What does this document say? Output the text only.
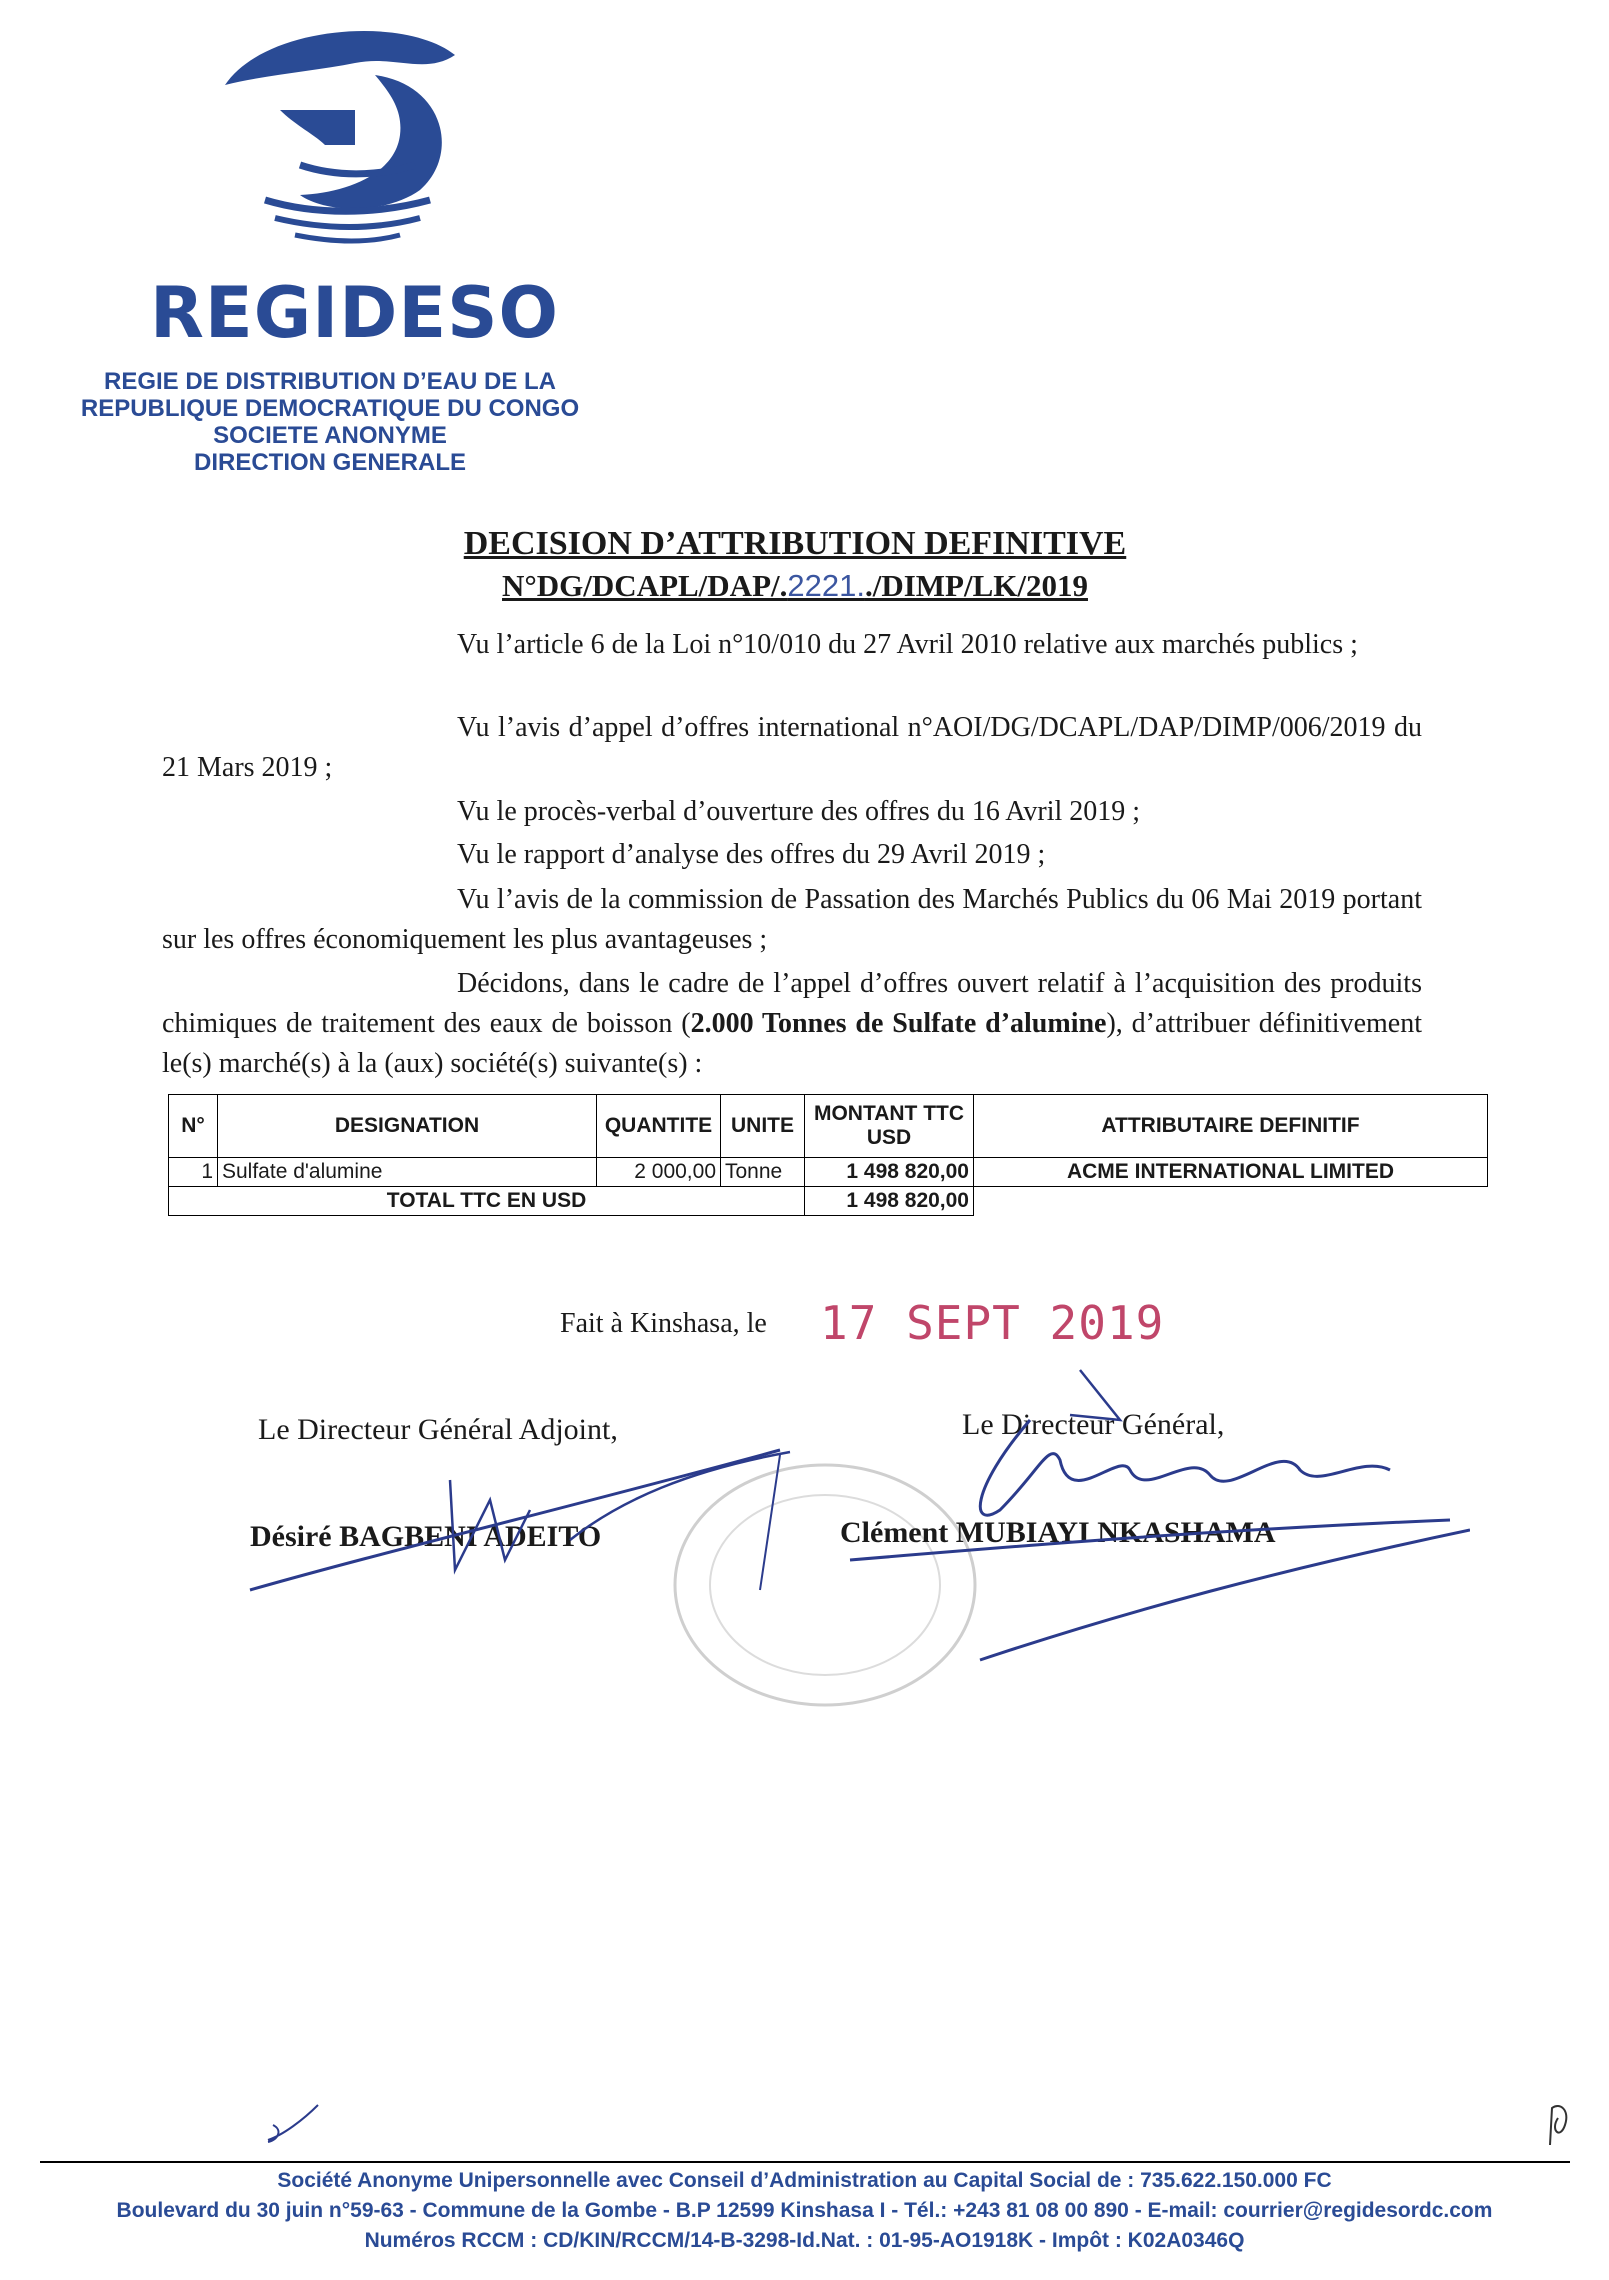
REGIDESO
REGIE DE DISTRIBUTION D’EAU DE LA
REPUBLIQUE DEMOCRATIQUE DU CONGO
SOCIETE ANONYME
DIRECTION GENERALE
DECISION D’ATTRIBUTION DEFINITIVE
N°DG/DCAPL/DAP/.2221../DIMP/LK/2019
Vu l’article 6 de la Loi n°10/010 du 27 Avril 2010 relative aux marchés publics ;
Vu l’avis d’appel d’offres international n°AOI/DG/DCAPL/DAP/DIMP/006/2019 du 21 Mars 2019 ;
Vu le procès-verbal d’ouverture des offres du 16 Avril 2019 ;
Vu le rapport d’analyse des offres du 29 Avril 2019 ;
Vu l’avis de la commission de Passation des Marchés Publics du 06 Mai 2019 portant sur les offres économiquement les plus avantageuses ;
Décidons, dans le cadre de l’appel d’offres ouvert relatif à l’acquisition des produits chimiques de traitement des eaux de boisson (2.000 Tonnes de Sulfate d’alumine), d’attribuer définitivement le(s) marché(s) à la (aux) société(s) suivante(s) :
N°	DESIGNATION	QUANTITE	UNITE	MONTANT TTC USD	ATTRIBUTAIRE DEFINITIF
1	Sulfate d'alumine	2 000,00	Tonne	1 498 820,00	ACME INTERNATIONAL LIMITED
TOTAL TTC EN USD				1 498 820,00	
Fait à Kinshasa, le 17 SEPT 2019
Le Directeur Général Adjoint,
Désiré BAGBENI ADEITO
Le Directeur Général,
Clément MUBIAYI NKASHAMA
Société Anonyme Unipersonnelle avec Conseil d’Administration au Capital Social de : 735.622.150.000 FC
Boulevard du 30 juin n°59-63 - Commune de la Gombe - B.P 12599 Kinshasa I - Tél.: +243 81 08 00 890 - E-mail: courrier@regidesordc.com
Numéros RCCM : CD/KIN/RCCM/14-B-3298-Id.Nat. : 01-95-AO1918K - Impôt : K02A0346Q
